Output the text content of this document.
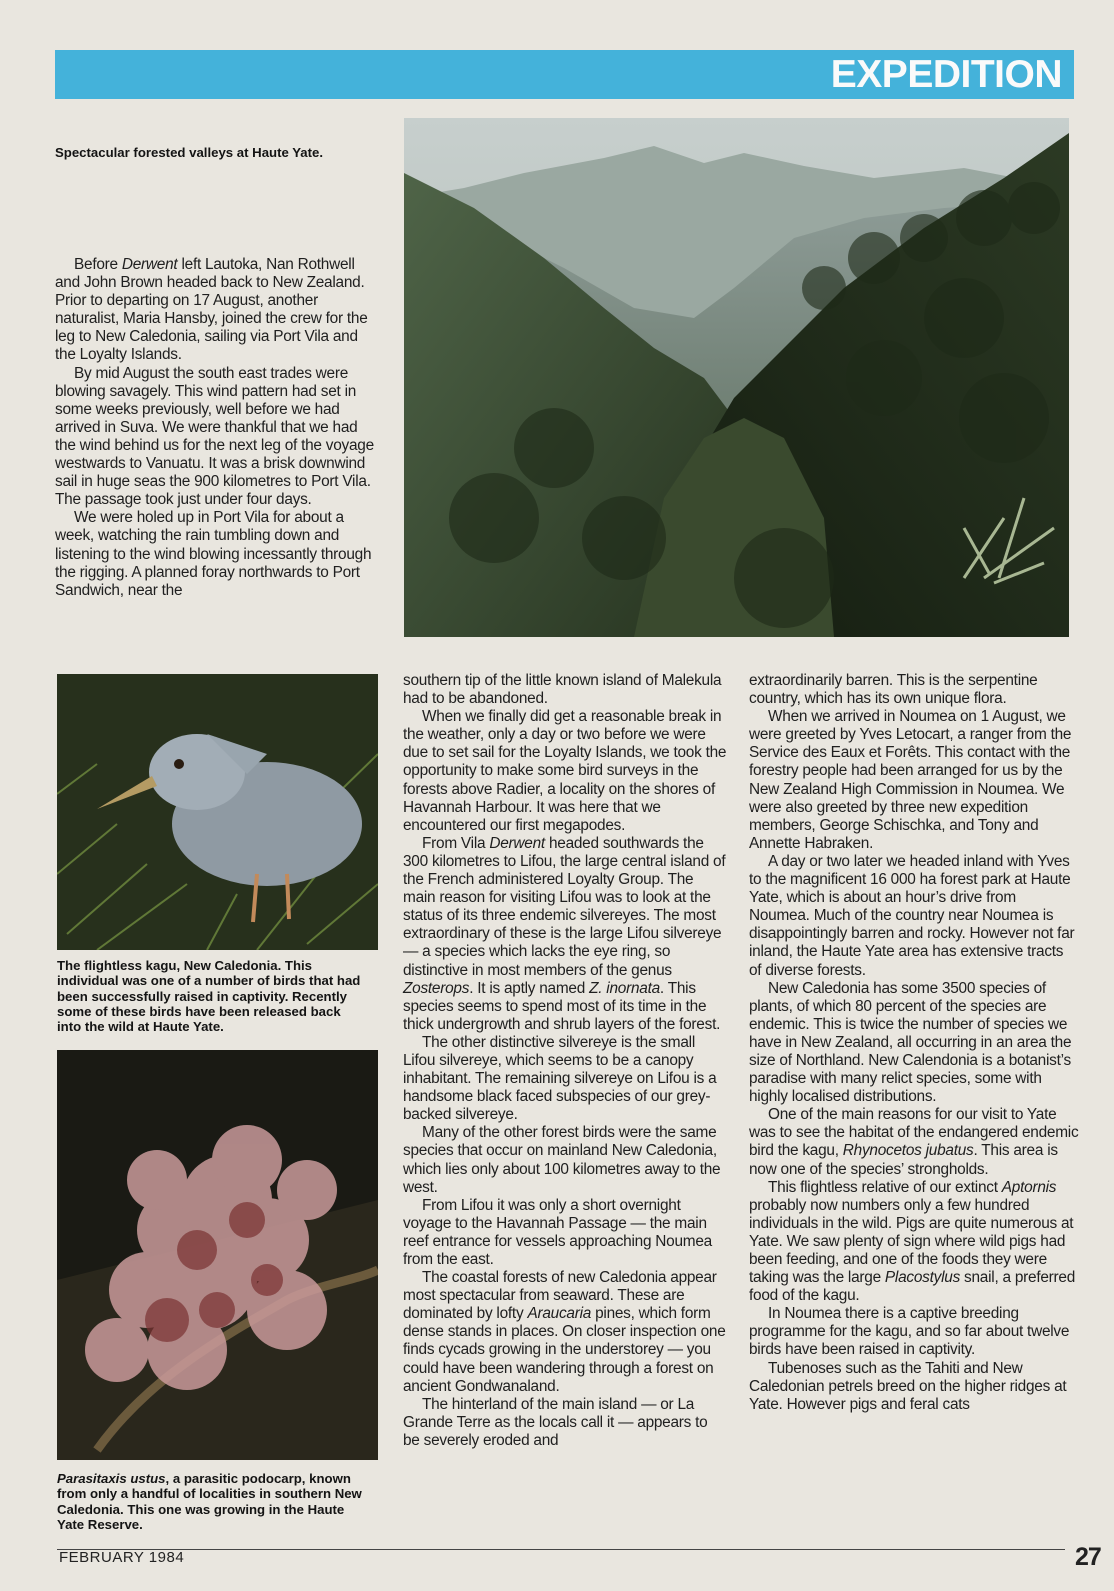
EXPEDITION

Spectacular forested valleys at Haute Yate.

Before Derwent left Lautoka, Nan Rothwell and John Brown headed back to New Zealand. Prior to departing on 17 August, another naturalist, Maria Hansby, joined the crew for the leg to New Caledonia, sailing via Port Vila and the Loyalty Islands.

By mid August the south east trades were blowing savagely. This wind pattern had set in some weeks previously, well before we had arrived in Suva. We were thankful that we had the wind behind us for the next leg of the voyage westwards to Vanuatu. It was a brisk downwind sail in huge seas the 900 kilometres to Port Vila. The passage took just under four days.

We were holed up in Port Vila for about a week, watching the rain tumbling down and listening to the wind blowing incessantly through the rigging. A planned foray northwards to Port Sandwich, near the

The flightless kagu, New Caledonia. This individual was one of a number of birds that had been successfully raised in captivity. Recently some of these birds have been released back into the wild at Haute Yate.

Parasitaxis ustus, a parasitic podocarp, known from only a handful of localities in southern New Caledonia. This one was growing in the Haute Yate Reserve.

southern tip of the little known island of Malekula had to be abandoned.

When we finally did get a reasonable break in the weather, only a day or two before we were due to set sail for the Loyalty Islands, we took the opportunity to make some bird surveys in the forests above Radier, a locality on the shores of Havannah Harbour. It was here that we encountered our first megapodes.

From Vila Derwent headed southwards the 300 kilometres to Lifou, the large central island of the French administered Loyalty Group. The main reason for visiting Lifou was to look at the status of its three endemic silvereyes. The most extraordinary of these is the large Lifou silvereye — a species which lacks the eye ring, so distinctive in most members of the genus Zosterops. It is aptly named Z. inornata. This species seems to spend most of its time in the thick undergrowth and shrub layers of the forest.

The other distinctive silvereye is the small Lifou silvereye, which seems to be a canopy inhabitant. The remaining silvereye on Lifou is a handsome black faced subspecies of our grey-backed silvereye.

Many of the other forest birds were the same species that occur on mainland New Caledonia, which lies only about 100 kilometres away to the west.

From Lifou it was only a short overnight voyage to the Havannah Passage — the main reef entrance for vessels approaching Noumea from the east.

The coastal forests of new Caledonia appear most spectacular from seaward. These are dominated by lofty Araucaria pines, which form dense stands in places. On closer inspection one finds cycads growing in the understorey — you could have been wandering through a forest on ancient Gondwanaland.

The hinterland of the main island — or La Grande Terre as the locals call it — appears to be severely eroded and

extraordinarily barren. This is the serpentine country, which has its own unique flora.

When we arrived in Noumea on 1 August, we were greeted by Yves Letocart, a ranger from the Service des Eaux et Forêts. This contact with the forestry people had been arranged for us by the New Zealand High Commission in Noumea. We were also greeted by three new expedition members, George Schischka, and Tony and Annette Habraken.

A day or two later we headed inland with Yves to the magnificent 16 000 ha forest park at Haute Yate, which is about an hour’s drive from Noumea. Much of the country near Noumea is disappointingly barren and rocky. However not far inland, the Haute Yate area has extensive tracts of diverse forests.

New Caledonia has some 3500 species of plants, of which 80 percent of the species are endemic. This is twice the number of species we have in New Zealand, all occurring in an area the size of Northland. New Calendonia is a botanist’s paradise with many relict species, some with highly localised distributions.

One of the main reasons for our visit to Yate was to see the habitat of the endangered endemic bird the kagu, Rhynocetos jubatus. This area is now one of the species’ strongholds.

This flightless relative of our extinct Aptornis probably now numbers only a few hundred individuals in the wild. Pigs are quite numerous at Yate. We saw plenty of sign where wild pigs had been feeding, and one of the foods they were taking was the large Placostylus snail, a preferred food of the kagu.

In Noumea there is a captive breeding programme for the kagu, and so far about twelve birds have been raised in captivity.

Tubenoses such as the Tahiti and New Caledonian petrels breed on the higher ridges at Yate. However pigs and feral cats

FEBRUARY 1984	27
